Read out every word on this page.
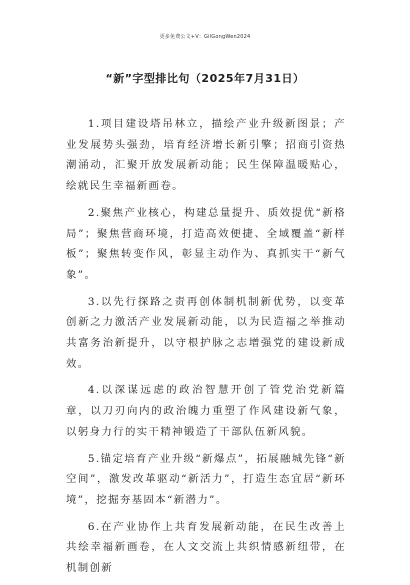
更多免费公文+V：GilGongWen2024
“新”字型排比句（2025年7月31日）

1.项目建设塔吊林立，描绘产业升级新图景；产业发展势头强劲，培育经济增长新引擎；招商引资热潮涌动，汇聚开放发展新动能；民生保障温暖贴心，绘就民生幸福新画卷。

2.聚焦产业核心，构建总量提升、质效提优“新格局”；聚焦营商环境，打造高效便捷、全域覆盖“新样板”；聚焦转变作风，彰显主动作为、真抓实干“新气象”。

3.以先行探路之责再创体制机制新优势，以变革创新之力激活产业发展新动能，以为民造福之举推动共富务治新提升，以守根护脉之志增强党的建设新成效。

4.以深谋远虑的政治智慧开创了管党治党新篇章，以刀刃向内的政治魄力重塑了作风建设新气象，以躬身力行的实干精神锻造了干部队伍新风貌。

5.锚定培育产业升级“新爆点”，拓展融城先锋“新空间”，激发改革驱动“新活力”，打造生态宜居“新环境”，挖掘夯基固本“新潜力”。

6.在产业协作上共育发展新动能，在民生改善上共绘幸福新画卷，在人文交流上共织情感新纽带，在机制创新
